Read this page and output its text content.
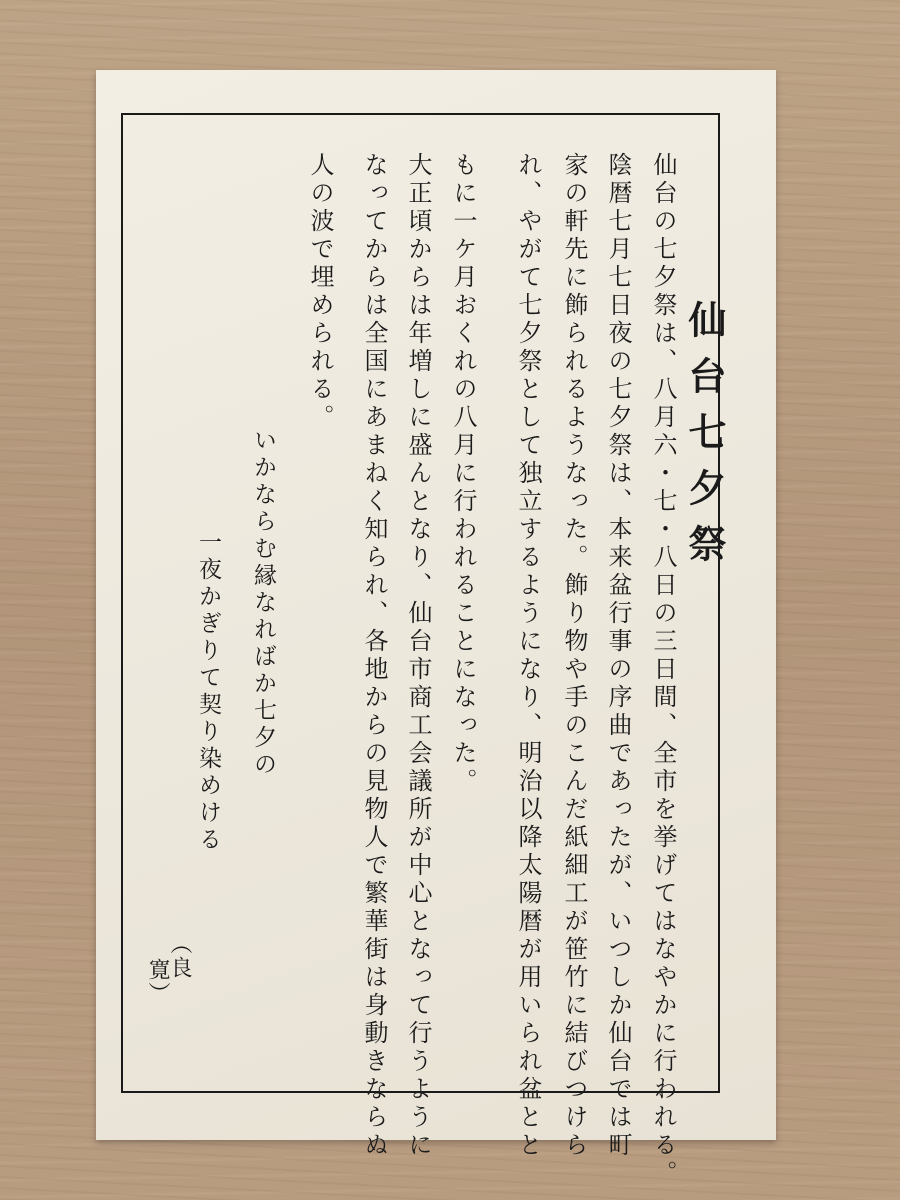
仙台七夕祭

仙台の七夕祭は、八月六・七・八日の三日間、全市を挙げてはなやかに行われる。

陰暦七月七日夜の七夕祭は、本来盆行事の序曲であったが、いつしか仙台では町

家の軒先に飾られるようなった。飾り物や手のこんだ紙細工が笹竹に結びつけら

れ、やがて七夕祭として独立するようになり、明治以降太陽暦が用いられ盆とと

もに一ケ月おくれの八月に行われることになった。

大正頃からは年増しに盛んとなり、仙台市商工会議所が中心となって行うように

なってからは全国にあまねく知られ、各地からの見物人で繁華街は身動きならぬ

人の波で埋められる。

いかならむ縁なればか七夕の

一夜かぎりて契り染めける

（良
寛）
